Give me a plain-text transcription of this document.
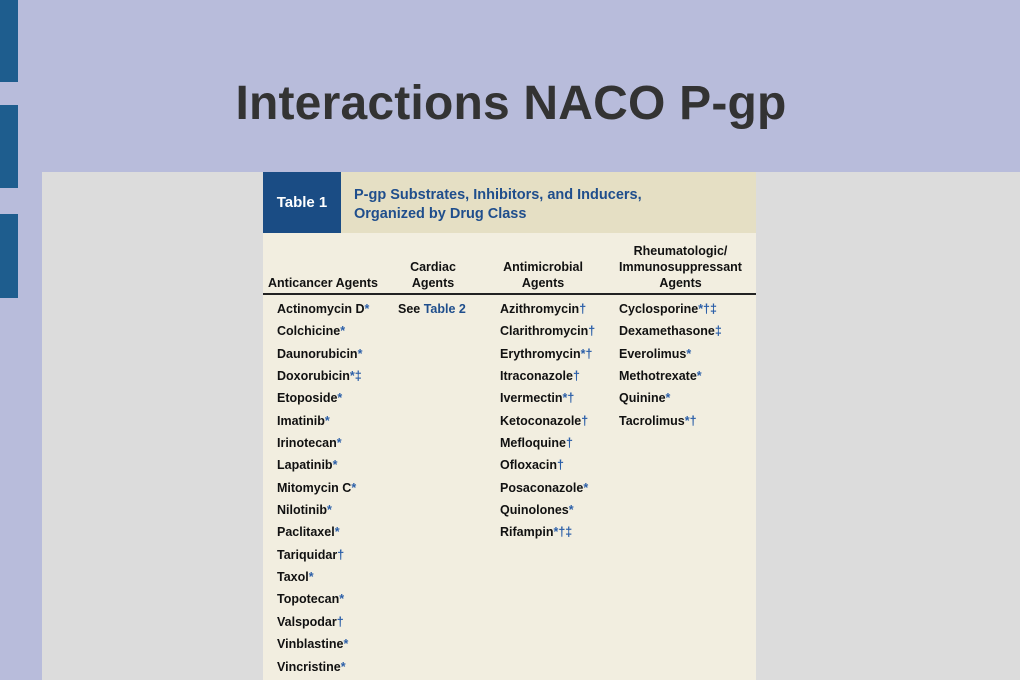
Interactions NACO P-gp
Table 1	P-gp Substrates, Inhibitors, and Inducers,
Organized by Drug Class
Anticancer Agents
Cardiac
Agents
Antimicrobial
Agents
Rheumatologic/
Immunosuppressant
Agents
Actinomycin D*
Colchicine*
Daunorubicin*
Doxorubicin*‡
Etoposide*
Imatinib*
Irinotecan*
Lapatinib*
Mitomycin C*
Nilotinib*
Paclitaxel*
Tariquidar†
Taxol*
Topotecan*
Valspodar†
Vinblastine*
Vincristine*
See Table 2	Azithromycin†
Clarithromycin†
Erythromycin*†
Itraconazole†
Ivermectin*†
Ketoconazole†
Mefloquine†
Ofloxacin†
Posaconazole*
Quinolones*
Rifampin*†‡
Cyclosporine*†‡
Dexamethasone‡
Everolimus*
Methotrexate*
Quinine*
Tacrolimus*†
